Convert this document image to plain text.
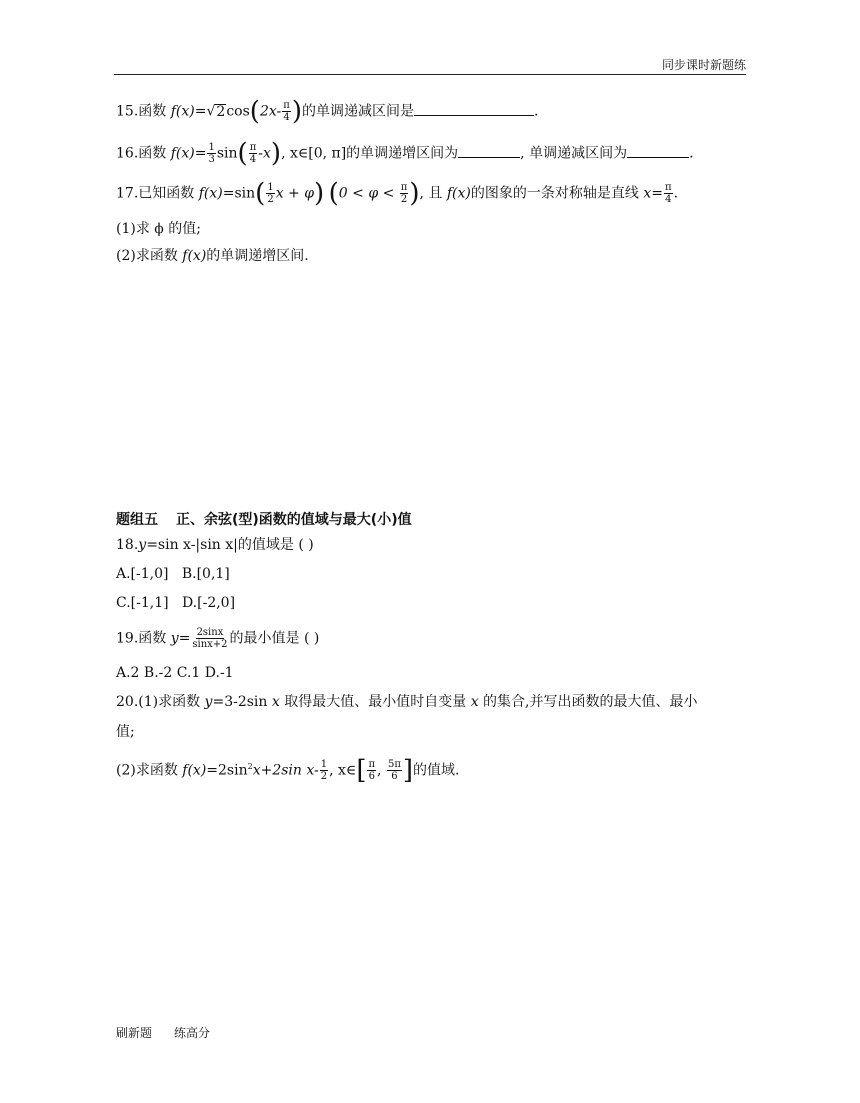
同步课时新题练
15.函数 $f(x)=√2\cos(2x- \frac{\pi}{4}$ )的单调递减区间是	.
16.函数 $f(x)= \frac{1}{3} \sin( \frac{\pi}{4} -x)$, x∈[0, π]的单调递增区间为	, 单调递减区间为	.
17.已知函数 $f(x)=\sin( \frac{1}{2}$ x + φ) ($0 < \varphi < \frac{\pi}{2}$ ), 且 f(x)的图象的一条对称轴是直线 $x= \frac{\pi}{4}$ .
(1)求 ϕ 的值;
(2)求函数 f(x)的单调递增区间.
题组五 正、余弦(型)函数的值域与最大(小)值
18.y=sin x-|sin x|的值域是 ( )
A.[-1,0] B.[0,1]
C.[-1,1] D.[-2,0]
19.函数 $y= \frac{2\sin x}{\sin x+2}$ 的最小值是 ( )
A.2 B.-2 C.1 D.-1
20.(1)求函数 y=3-2sin x 取得最大值、最小值时自变量 x 的集合,并写出函数的最大值、最小
值;
(2)求函数 $f(x)=2\sin^2x+2\sin$ $x- \frac{1}{2}$ , x∈[ $\frac{\pi}{6}$ , $\frac{5\pi}{6}$ ]的值域.
刷新题 练高分
